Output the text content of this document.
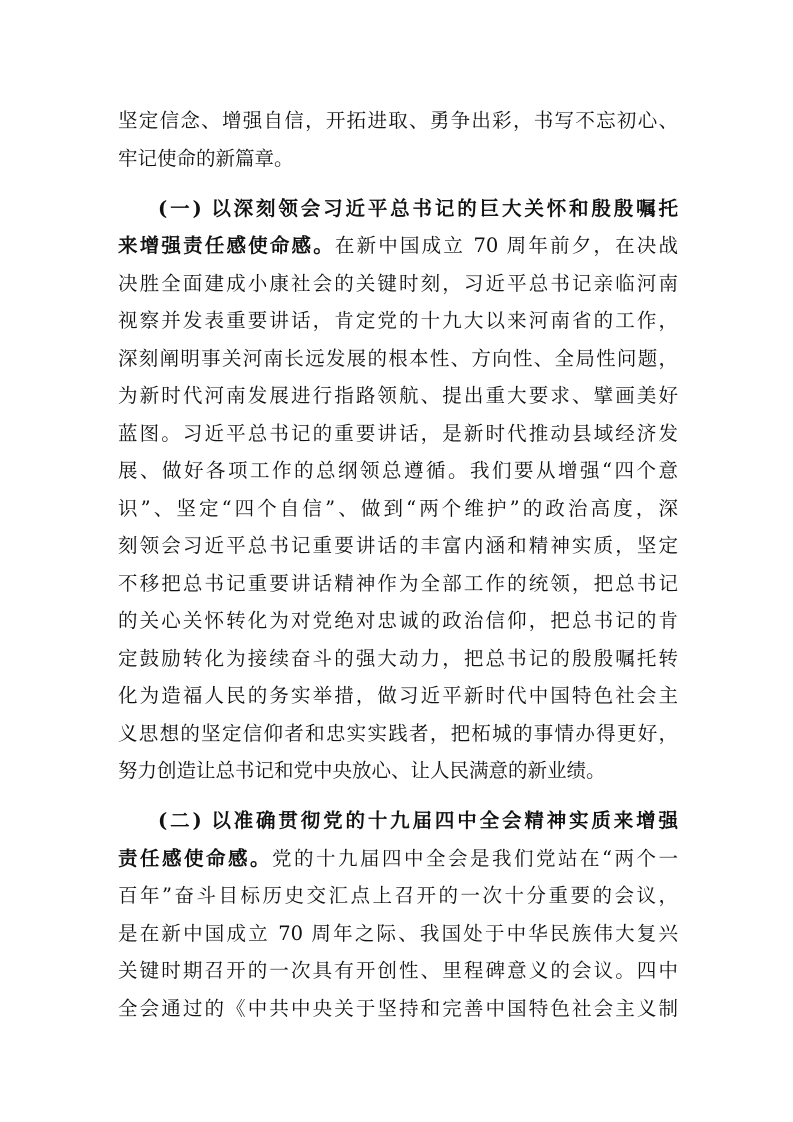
坚定信念、增强自信，开拓进取、勇争出彩，书写不忘初心、
牢记使命的新篇章。
(一) 以深刻领会习近平总书记的巨大关怀和殷殷嘱托
来增强责任感使命感。在新中国成立 70 周年前夕，在决战
决胜全面建成小康社会的关键时刻，习近平总书记亲临河南
视察并发表重要讲话，肯定党的十九大以来河南省的工作，
深刻阐明事关河南长远发展的根本性、方向性、全局性问题，
为新时代河南发展进行指路领航、提出重大要求、擘画美好
蓝图。习近平总书记的重要讲话，是新时代推动县域经济发
展、做好各项工作的总纲领总遵循。我们要从增强“四个意
识”、坚定“四个自信”、做到“两个维护”的政治高度，深
刻领会习近平总书记重要讲话的丰富内涵和精神实质，坚定
不移把总书记重要讲话精神作为全部工作的统领，把总书记
的关心关怀转化为对党绝对忠诚的政治信仰，把总书记的肯
定鼓励转化为接续奋斗的强大动力，把总书记的殷殷嘱托转
化为造福人民的务实举措，做习近平新时代中国特色社会主
义思想的坚定信仰者和忠实实践者，把柘城的事情办得更好，
努力创造让总书记和党中央放心、让人民满意的新业绩。
(二) 以准确贯彻党的十九届四中全会精神实质来增强
责任感使命感。党的十九届四中全会是我们党站在“两个一
百年”奋斗目标历史交汇点上召开的一次十分重要的会议，
是在新中国成立 70 周年之际、我国处于中华民族伟大复兴
关键时期召开的一次具有开创性、里程碑意义的会议。四中
全会通过的《中共中央关于坚持和完善中国特色社会主义制
